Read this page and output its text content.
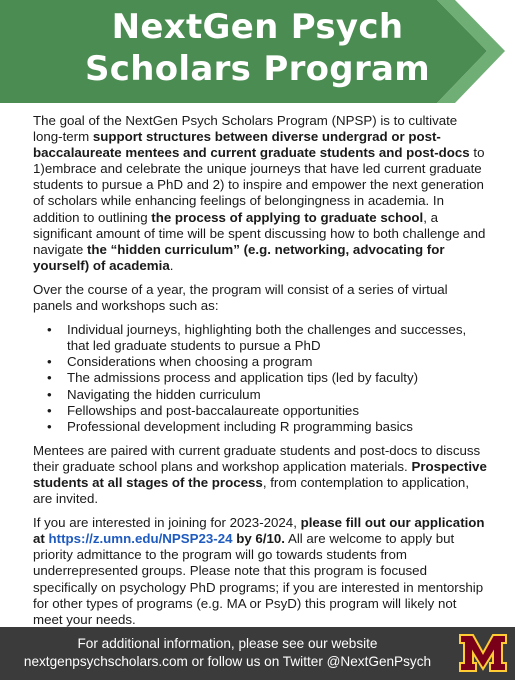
NextGen Psych
Scholars Program

The goal of the NextGen Psych Scholars Program (NPSP) is to cultivate long-term support structures between diverse undergrad or post-baccalaureate mentees and current graduate students and post-docs to 1)embrace and celebrate the unique journeys that have led current graduate students to pursue a PhD and 2) to inspire and empower the next generation of scholars while enhancing feelings of belongingness in academia. In addition to outlining the process of applying to graduate school, a significant amount of time will be spent discussing how to both challenge and navigate the “hidden curriculum” (e.g. networking, advocating for yourself) of academia.

Over the course of a year, the program will consist of a series of virtual panels and workshops such as:

• Individual journeys, highlighting both the challenges and successes, that led graduate students to pursue a PhD
• Considerations when choosing a program
• The admissions process and application tips (led by faculty)
• Navigating the hidden curriculum
• Fellowships and post-baccalaureate opportunities
• Professional development including R programming basics

Mentees are paired with current graduate students and post-docs to discuss their graduate school plans and workshop application materials. Prospective students at all stages of the process, from contemplation to application, are invited.

If you are interested in joining for 2023-2024, please fill out our application at https://z.umn.edu/NPSP23-24 by 6/10. All are welcome to apply but priority admittance to the program will go towards students from underrepresented groups. Please note that this program is focused specifically on psychology PhD programs; if you are interested in mentorship for other types of programs (e.g. MA or PsyD) this program will likely not meet your needs.

For additional information, please see our website
nextgenpsychscholars.com or follow us on Twitter @NextGenPsych
